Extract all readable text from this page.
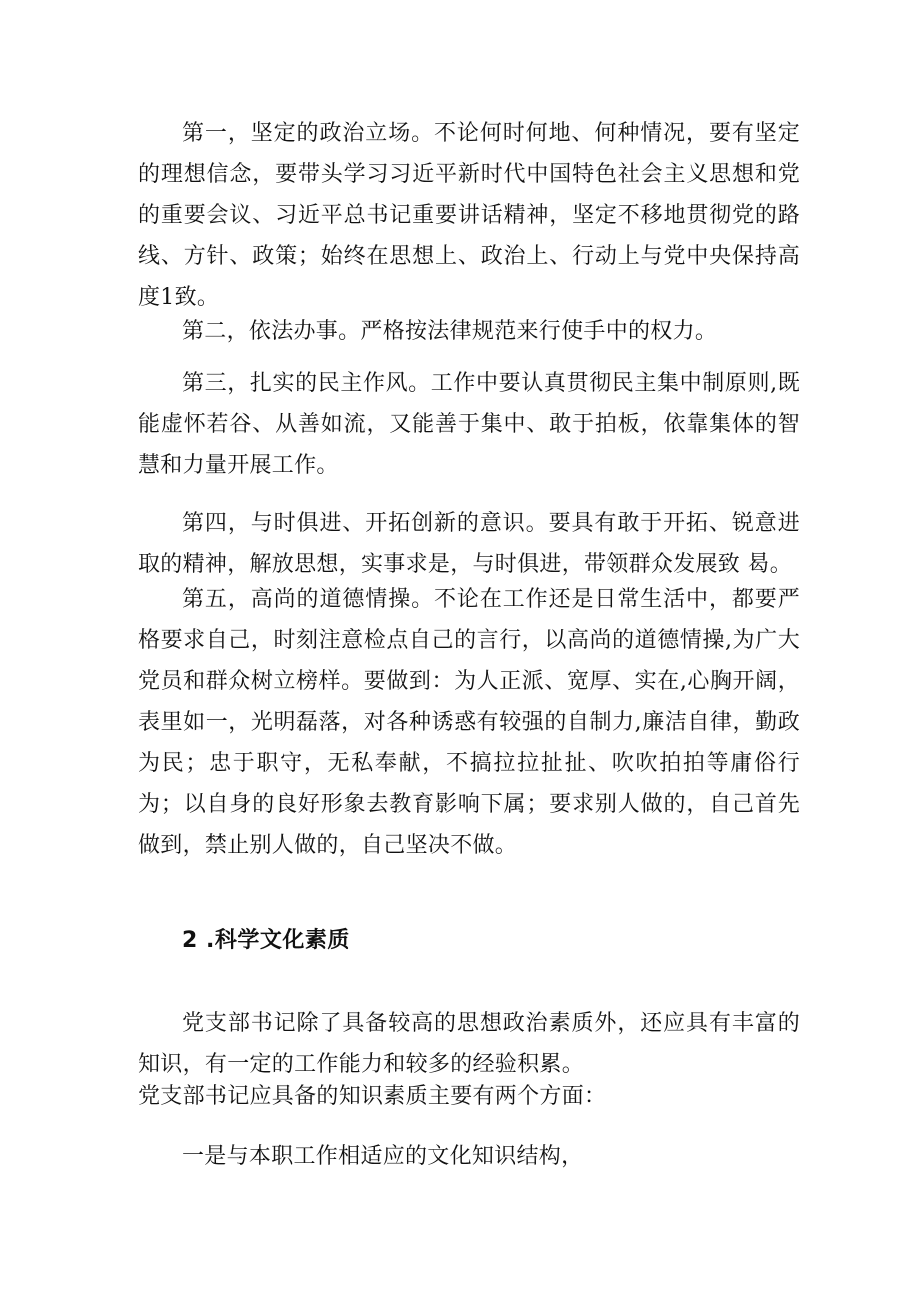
第一，坚定的政治立场。不论何时何地、何种情况，要有坚定的理想信念，要带头学习习近平新时代中国特色社会主义思想和党的重要会议、习近平总书记重要讲话精神，坚定不移地贯彻党的路线、方针、政策；始终在思想上、政治上、行动上与党中央保持高度1致。

第二，依法办事。严格按法律规范来行使手中的权力。

第三，扎实的民主作风。工作中要认真贯彻民主集中制原则,既能虚怀若谷、从善如流，又能善于集中、敢于拍板，依靠集体的智慧和力量开展工作。

第四，与时俱进、开拓创新的意识。要具有敢于开拓、锐意进取的精神，解放思想，实事求是，与时俱进，带领群众发展致 曷。

第五，高尚的道德情操。不论在工作还是日常生活中，都要严格要求自己，时刻注意检点自己的言行，以高尚的道德情操,为广大党员和群众树立榜样。要做到：为人正派、宽厚、实在,心胸开阔，表里如一，光明磊落，对各种诱惑有较强的自制力,廉洁自律，勤政为民；忠于职守，无私奉献，不搞拉拉扯扯、吹吹拍拍等庸俗行为；以自身的良好形象去教育影响下属；要求别人做的，自己首先做到，禁止别人做的，自己坚决不做。

2 .科学文化素质

党支部书记除了具备较高的思想政治素质外，还应具有丰富的知识，有一定的工作能力和较多的经验积累。

党支部书记应具备的知识素质主要有两个方面：

一是与本职工作相适应的文化知识结构，
